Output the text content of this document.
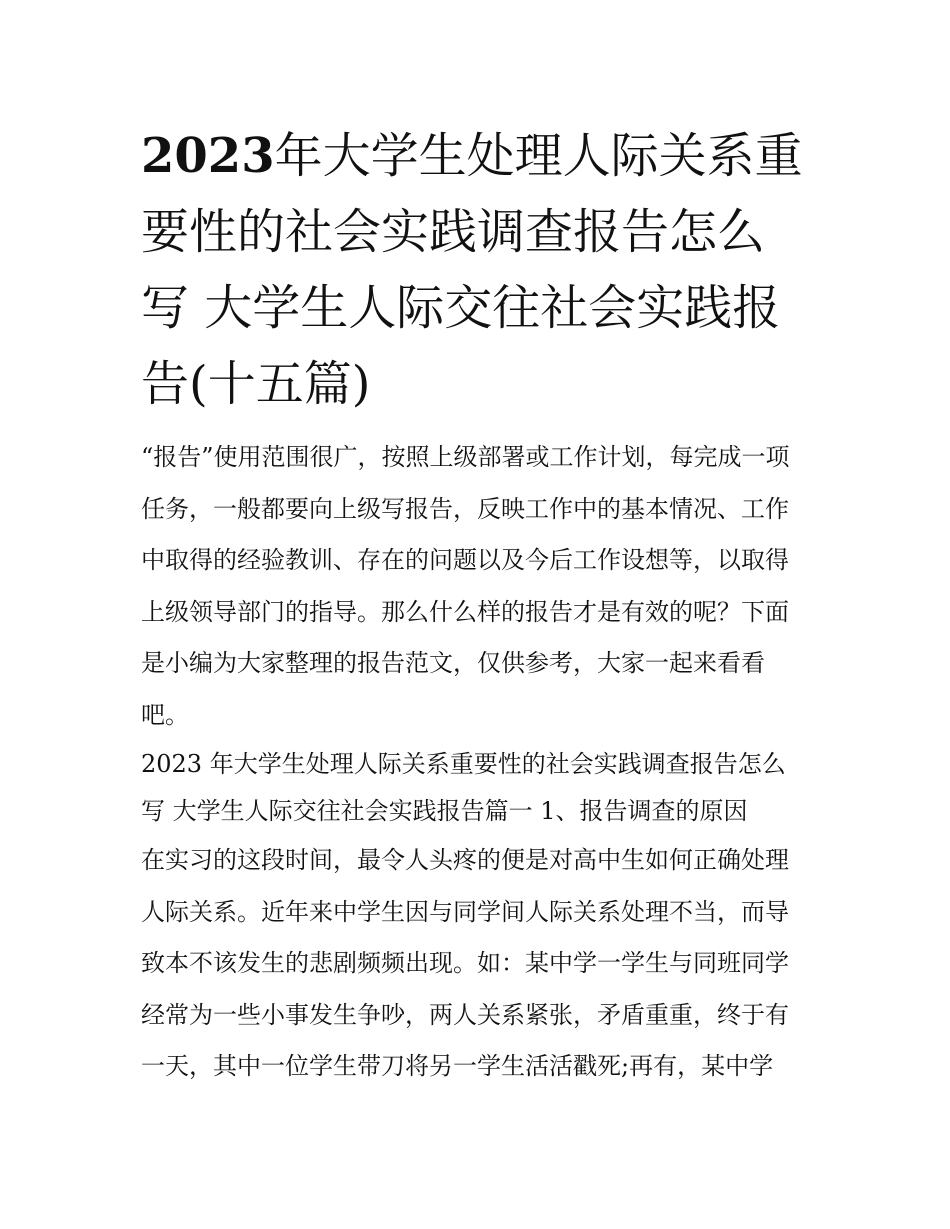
2023年大学生处理人际关系重
要性的社会实践调查报告怎么
写 大学生人际交往社会实践报
告(十五篇)
“报告”使用范围很广，按照上级部署或工作计划，每完成一项
任务，一般都要向上级写报告，反映工作中的基本情况、工作
中取得的经验教训、存在的问题以及今后工作设想等，以取得
上级领导部门的指导。那么什么样的报告才是有效的呢？下面
是小编为大家整理的报告范文，仅供参考，大家一起来看看
吧。
2023 年大学生处理人际关系重要性的社会实践调查报告怎么
写 大学生人际交往社会实践报告篇一 1、报告调查的原因
在实习的这段时间，最令人头疼的便是对高中生如何正确处理
人际关系。近年来中学生因与同学间人际关系处理不当，而导
致本不该发生的悲剧频频出现。如：某中学一学生与同班同学
经常为一些小事发生争吵，两人关系紧张，矛盾重重，终于有
一天，其中一位学生带刀将另一学生活活戳死;再有，某中学
